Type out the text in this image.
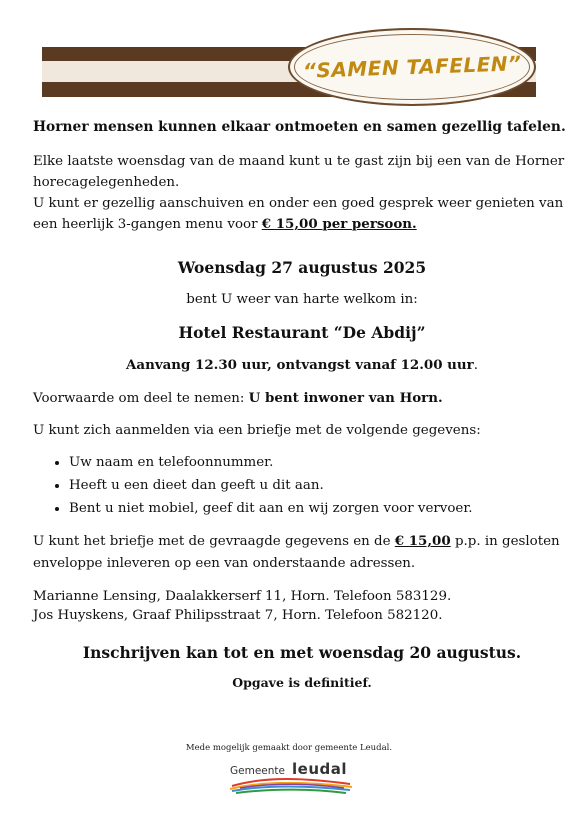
“SAMEN TAFELEN”

Horner mensen kunnen elkaar ontmoeten en samen gezellig tafelen.

Elke laatste woensdag van de maand kunt u te gast zijn bij een van de Horner
horecagelegenheden.
U kunt er gezellig aanschuiven en onder een goed gesprek weer genieten van
een heerlijk 3-gangen menu voor € 15,00 per persoon.

Woensdag 27 augustus 2025

bent U weer van harte welkom in:

Hotel Restaurant “De Abdij”

Aanvang 12.30 uur, ontvangst vanaf 12.00 uur.

Voorwaarde om deel te nemen: U bent inwoner van Horn.

U kunt zich aanmelden via een briefje met de volgende gegevens:

• Uw naam en telefoonnummer.
• Heeft u een dieet dan geeft u dit aan.
• Bent u niet mobiel, geef dit aan en wij zorgen voor vervoer.

U kunt het briefje met de gevraagde gegevens en de € 15,00 p.p. in gesloten
enveloppe inleveren op een van onderstaande adressen.

Marianne Lensing, Daalakkerserf 11, Horn. Telefoon 583129.
Jos Huyskens, Graaf Philipsstraat 7, Horn. Telefoon 582120.

Inschrijven kan tot en met woensdag 20 augustus.

Opgave is definitief.

Mede mogelijk gemaakt door gemeente Leudal.
Gemeente leudal
